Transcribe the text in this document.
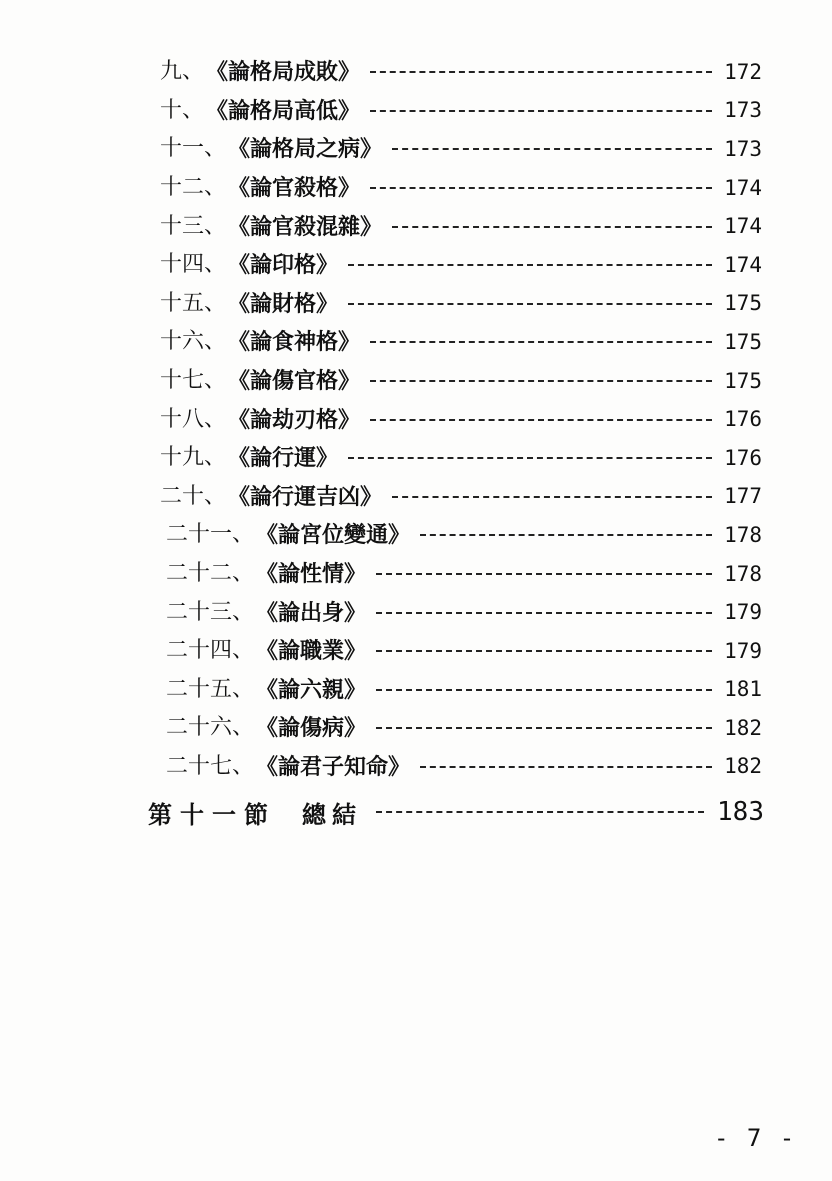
九、 《論格局成敗》	172
十、 《論格局高低》	173
十一、 《論格局之病》	173
十二、 《論官殺格》	174
十三、 《論官殺混雜》	174
十四、 《論印格》	174
十五、 《論財格》	175
十六、 《論食神格》	175
十七、 《論傷官格》	175
十八、 《論劫刃格》	176
十九、 《論行運》	176
二十、 《論行運吉凶》	177
二十一、 《論宮位變通》	178
二十二、 《論性情》	178
二十三、 《論出身》	179
二十四、 《論職業》	179
二十五、 《論六親》	181
二十六、 《論傷病》	182
二十七、 《論君子知命》	182
第十一節 總結	183
- 7 -
